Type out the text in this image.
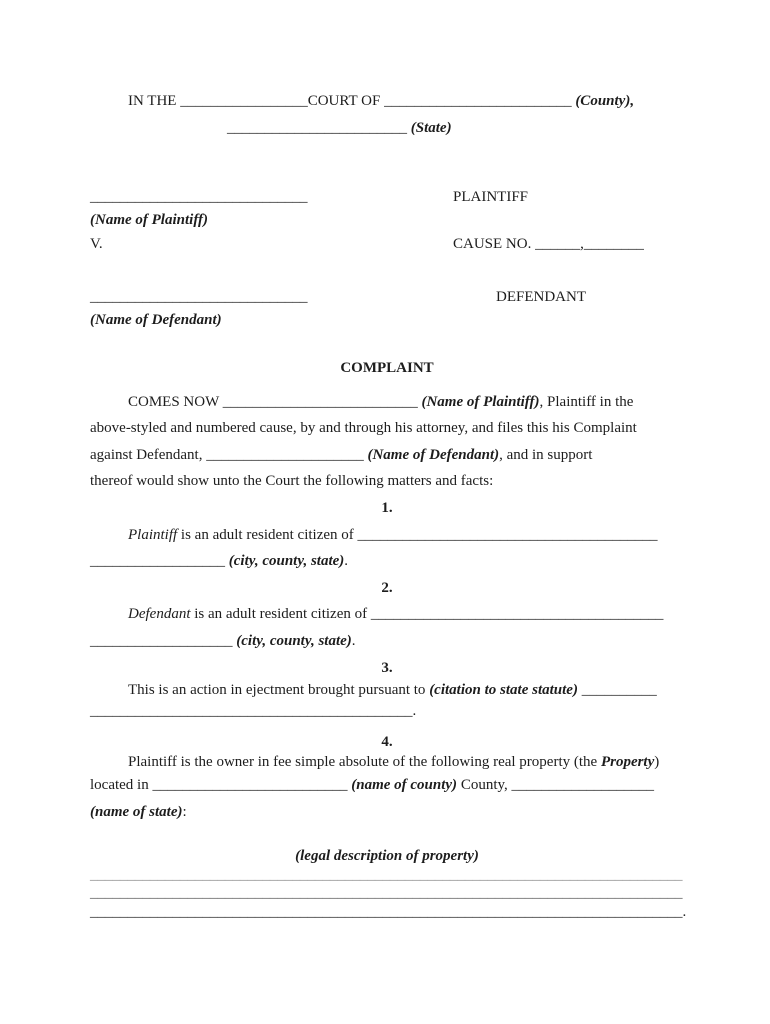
IN THE _________________COURT OF _________________________ (County),
________________________ (State)
_____________________________
(Name of Plaintiff)
PLAINTIFF
V.	CAUSE NO. ______,________
_____________________________
(Name of Defendant)
DEFENDANT
COMPLAINT
COMES NOW __________________________ (Name of Plaintiff), Plaintiff in the
above-styled and numbered cause, by and through his attorney, and files this his Complaint
against Defendant, _____________________ (Name of Defendant), and in support
thereof would show unto the Court the following matters and facts:
1.
Plaintiff is an adult resident citizen of ________________________________________
__________________ (city, county, state).
2.
Defendant is an adult resident citizen of _______________________________________
___________________ (city, county, state).
3.
This is an action in ejectment brought pursuant to (citation to state statute) __________
___________________________________________.
4.
Plaintiff is the owner in fee simple absolute of the following real property (the Property)
located in __________________________ (name of county) County, ___________________
(name of state):
(legal description of property)
_______________________________________________________________________________
_______________________________________________________________________________
_______________________________________________________________________________.
